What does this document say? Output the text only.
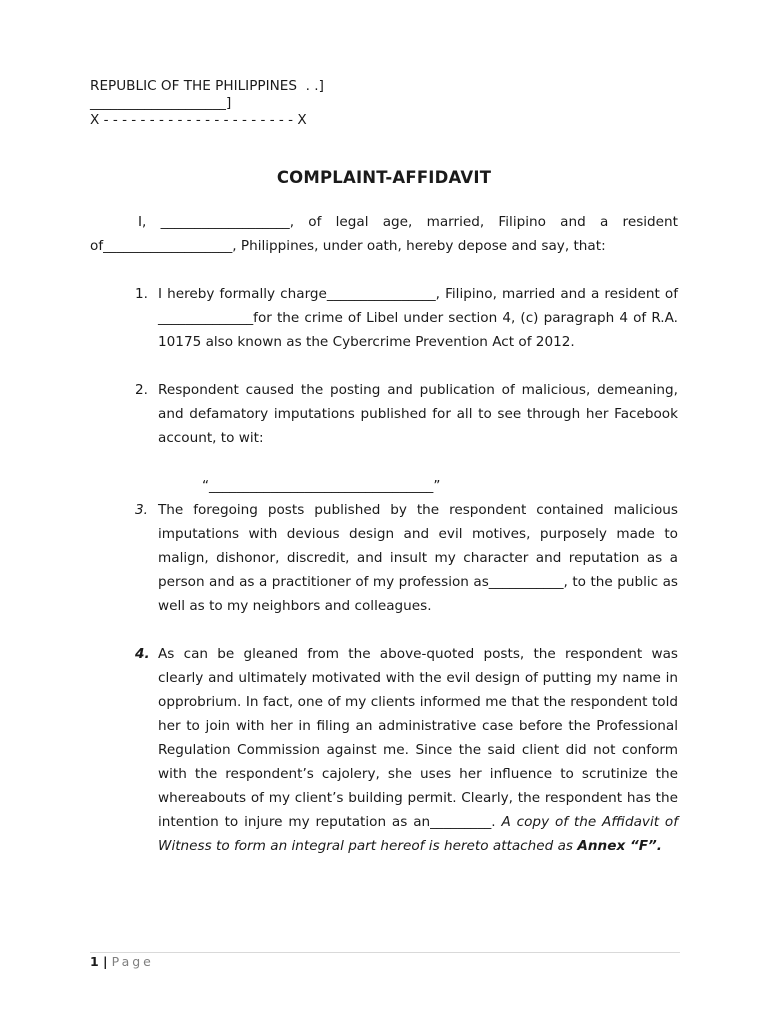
REPUBLIC OF THE PHILIPPINES  . .]
____________________]
X - - - - - - - - - - - - - - - - - - - - - X
COMPLAINT-AFFIDAVIT

I, ___________________, of legal age, married, Filipino and a resident of___________________, Philippines, under oath, hereby depose and say, that:

1. I hereby formally charge________________, Filipino, married and a resident of ______________for the crime of Libel under section 4, (c) paragraph 4 of R.A. 10175 also known as the Cybercrime Prevention Act of 2012.
2. Respondent caused the posting and publication of malicious, demeaning, and defamatory imputations published for all to see through her Facebook account, to wit:
“_________________________________”
3. The foregoing posts published by the respondent contained malicious imputations with devious design and evil motives, purposely made to malign, dishonor, discredit, and insult my character and reputation as a person and as a practitioner of my profession as___________, to the public as well as to my neighbors and colleagues.
4. As can be gleaned from the above-quoted posts, the respondent was clearly and ultimately motivated with the evil design of putting my name in opprobrium. In fact, one of my clients informed me that the respondent told her to join with her in filing an administrative case before the Professional Regulation Commission against me. Since the said client did not conform with the respondent’s cajolery, she uses her influence to scrutinize the whereabouts of my client’s building permit. Clearly, the respondent has the intention to injure my reputation as an_________. A copy of the Affidavit of Witness to form an integral part hereof is hereto attached as Annex “F”.
1 | Page
